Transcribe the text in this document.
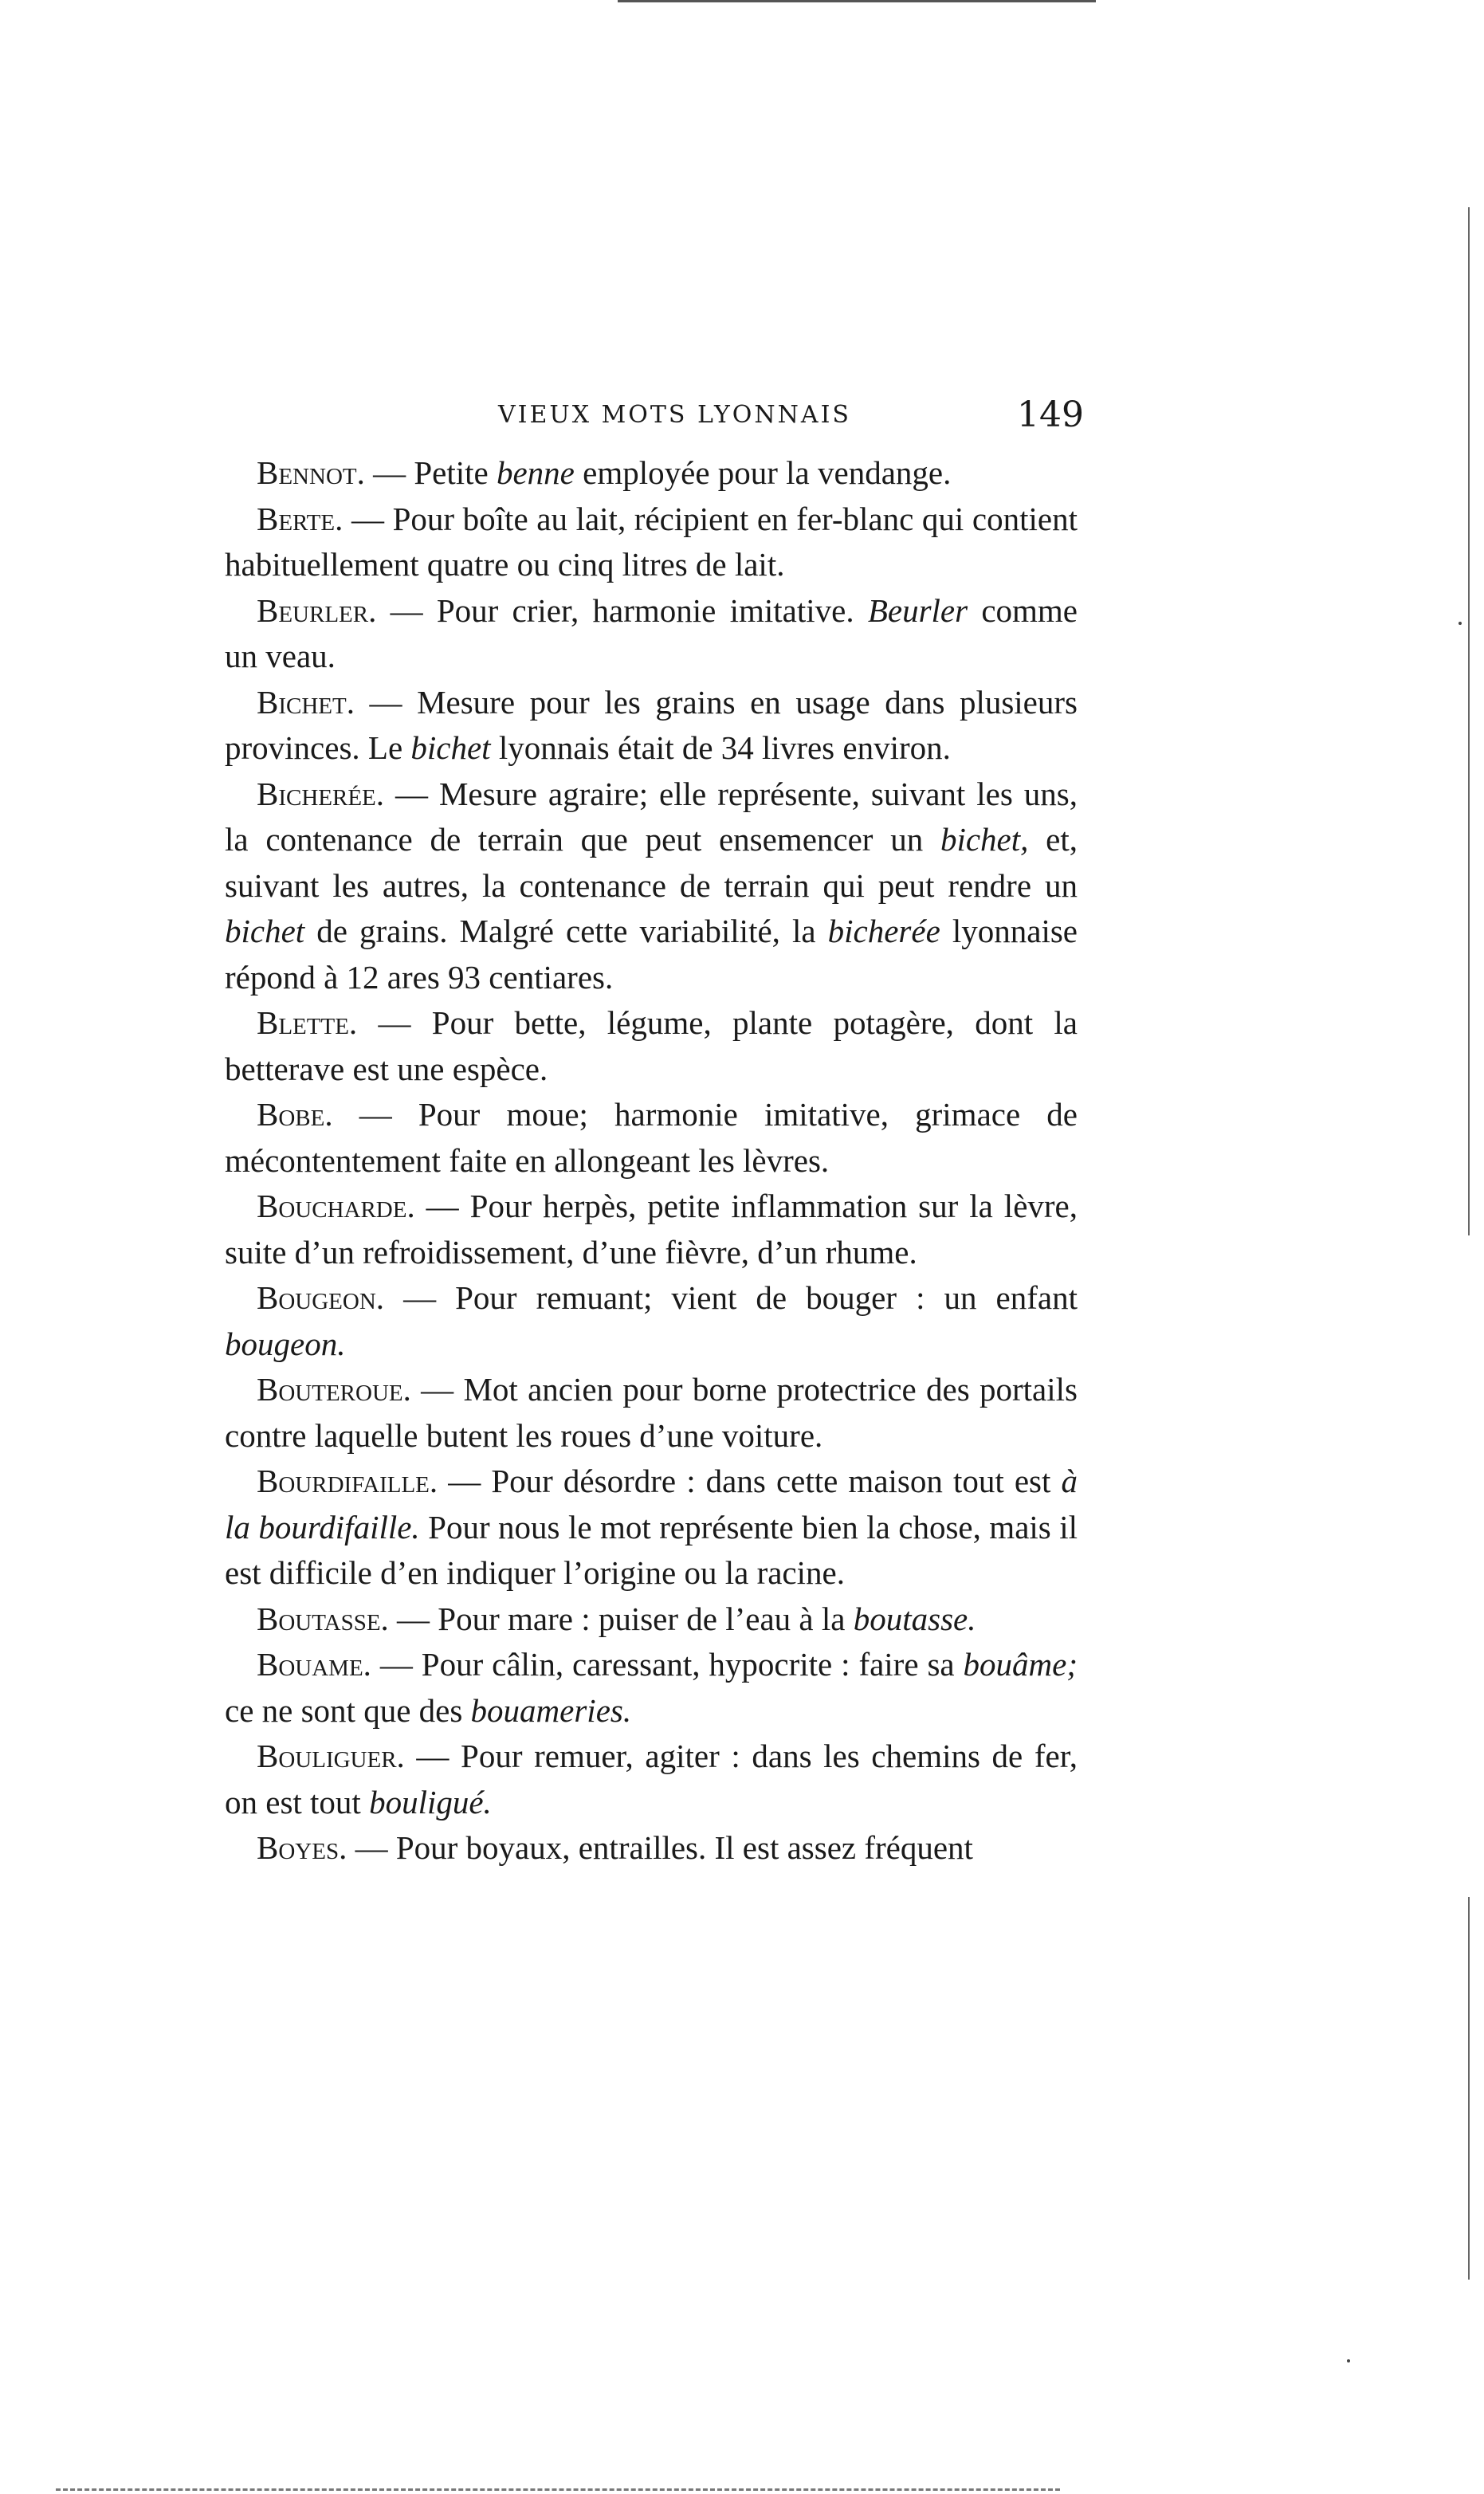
VIEUX MOTS LYONNAIS	149

Bennot. — Petite benne employée pour la vendange.

Berte. — Pour boîte au lait, récipient en fer-blanc qui contient habituellement quatre ou cinq litres de lait.

Beurler. — Pour crier, harmonie imitative. Beurler comme un veau.

Bichet. — Mesure pour les grains en usage dans plusieurs provinces. Le bichet lyonnais était de 34 livres environ.

Bicherée. — Mesure agraire; elle représente, suivant les uns, la contenance de terrain que peut ensemencer un bichet, et, suivant les autres, la contenance de terrain qui peut rendre un bichet de grains. Malgré cette variabilité, la bicherée lyonnaise répond à 12 ares 93 centiares.

Blette. — Pour bette, légume, plante potagère, dont la betterave est une espèce.

Bobe. — Pour moue; harmonie imitative, grimace de mécontentement faite en allongeant les lèvres.

Boucharde. — Pour herpès, petite inflammation sur la lèvre, suite d’un refroidissement, d’une fièvre, d’un rhume.

Bougeon. — Pour remuant; vient de bouger : un enfant bougeon.

Bouteroue. — Mot ancien pour borne protectrice des portails contre laquelle butent les roues d’une voiture.

Bourdifaille. — Pour désordre : dans cette maison tout est à la bourdifaille. Pour nous le mot représente bien la chose, mais il est difficile d’en indiquer l’origine ou la racine.

Boutasse. — Pour mare : puiser de l’eau à la boutasse.

Bouame. — Pour câlin, caressant, hypocrite : faire sa bouâme; ce ne sont que des bouameries.

Bouliguer. — Pour remuer, agiter : dans les chemins de fer, on est tout bouligué.

Boyes. — Pour boyaux, entrailles. Il est assez fréquent
